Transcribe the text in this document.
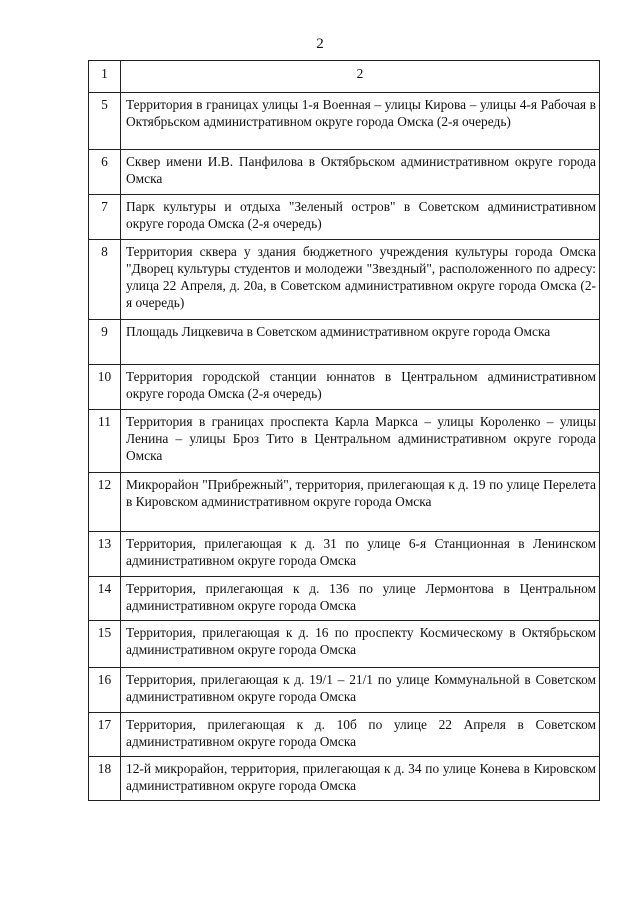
2
1	2
5	Территория в границах улицы 1-я Военная – улицы Кирова – улицы 4-я Рабочая в Октябрьском административном округе города Омска (2-я очередь)
6	Сквер имени И.В. Панфилова в Октябрьском административном округе города Омска
7	Парк культуры и отдыха "Зеленый остров" в Советском административном округе города Омска (2-я очередь)
8	Территория сквера у здания бюджетного учреждения культуры города Омска "Дворец культуры студентов и молодежи "Звездный", расположенного по адресу: улица 22 Апреля, д. 20а, в Советском административном округе города Омска (2-я очередь)
9	Площадь Лицкевича в Советском административном округе города Омска
10	Территория городской станции юннатов в Центральном административном округе города Омска (2-я очередь)
11	Территория в границах проспекта Карла Маркса – улицы Короленко – улицы Ленина – улицы Броз Тито в Центральном административном округе города Омска
12	Микрорайон "Прибрежный", территория, прилегающая к д. 19 по улице Перелета в Кировском административном округе города Омска
13	Территория, прилегающая к д. 31 по улице 6-я Станционная в Ленинском административном округе города Омска
14	Территория, прилегающая к д. 136 по улице Лермонтова в Центральном административном округе города Омска
15	Территория, прилегающая к д. 16 по проспекту Космическому в Октябрьском административном округе города Омска
16	Территория, прилегающая к д. 19/1 – 21/1 по улице Коммунальной в Советском административном округе города Омска
17	Территория, прилегающая к д. 10б по улице 22 Апреля в Советском административном округе города Омска
18	12-й микрорайон, территория, прилегающая к д. 34 по улице Конева в Кировском административном округе города Омска
